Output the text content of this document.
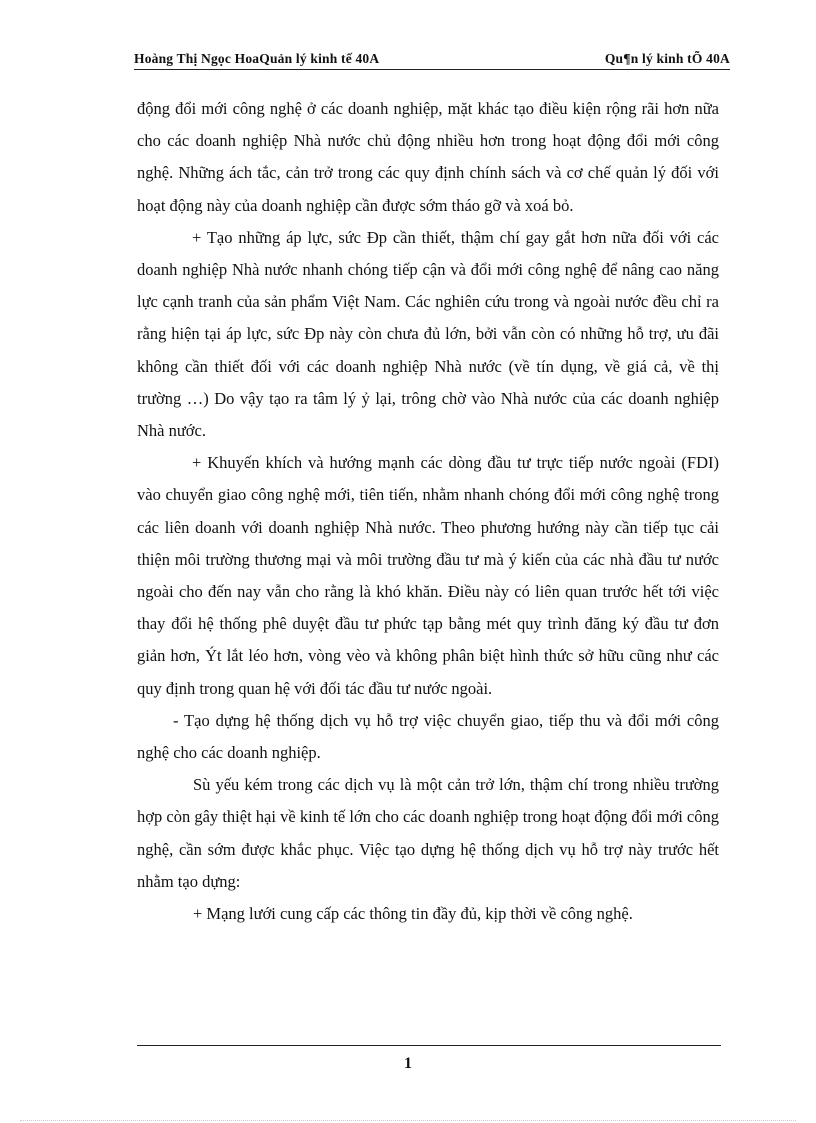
Hoàng Thị Ngọc HoaQuản lý kinh tế 40A	Qu¶n lý kinh tÕ 40A

động đổi mới công nghệ ở các doanh nghiệp, mặt khác tạo điều kiện rộng rãi hơn nữa cho các doanh nghiệp Nhà nước chủ động nhiều hơn trong hoạt động đổi mới công nghệ. Những ách tắc, cản trở trong các quy định chính sách và cơ chế quản lý đối với hoạt động này của doanh nghiệp cần được sớm tháo gỡ và xoá bỏ.

+ Tạo những áp lực, sức Đp cần thiết, thậm chí gay gắt hơn nữa đối với các doanh nghiệp Nhà nước nhanh chóng tiếp cận và đổi mới công nghệ để nâng cao năng lực cạnh tranh của sản phẩm Việt Nam. Các nghiên cứu trong và ngoài nước đều chỉ ra rằng hiện tại áp lực, sức Đp này còn chưa đủ lớn, bởi vẫn còn có những hỗ trợ, ưu đãi không cần thiết đối với các doanh nghiệp Nhà nước (về tín dụng, về giá cả, về thị trường …) Do vậy tạo ra tâm lý ỷ lại, trông chờ vào Nhà nước của các doanh nghiệp Nhà nước.

+ Khuyến khích và hướng mạnh các dòng đầu tư trực tiếp nước ngoài (FDI) vào chuyển giao công nghệ mới, tiên tiến, nhằm nhanh chóng đổi mới công nghệ trong các liên doanh với doanh nghiệp Nhà nước. Theo phương hướng này cần tiếp tục cải thiện môi trường thương mại và môi trường đầu tư mà ý kiến của các nhà đầu tư nước ngoài cho đến nay vẫn cho rằng là khó khăn. Điều này có liên quan trước hết tới việc thay đổi hệ thống phê duyệt đầu tư phức tạp bằng mét quy trình đăng ký đầu tư đơn giản hơn, Ýt lắt léo hơn, vòng vèo và không phân biệt hình thức sở hữu cũng như các quy định trong quan hệ với đối tác đầu tư nước ngoài.

- Tạo dựng hệ thống dịch vụ hỗ trợ việc chuyển giao, tiếp thu và đổi mới công nghệ cho các doanh nghiệp.

Sù yếu kém trong các dịch vụ là một cản trở lớn, thậm chí trong nhiều trường hợp còn gây thiệt hại về kinh tế lớn cho các doanh nghiệp trong hoạt động đổi mới công nghệ, cần sớm được khắc phục. Việc tạo dựng hệ thống dịch vụ hỗ trợ này trước hết nhằm tạo dựng:

+ Mạng lưới cung cấp các thông tin đầy đủ, kịp thời về công nghệ.

1
